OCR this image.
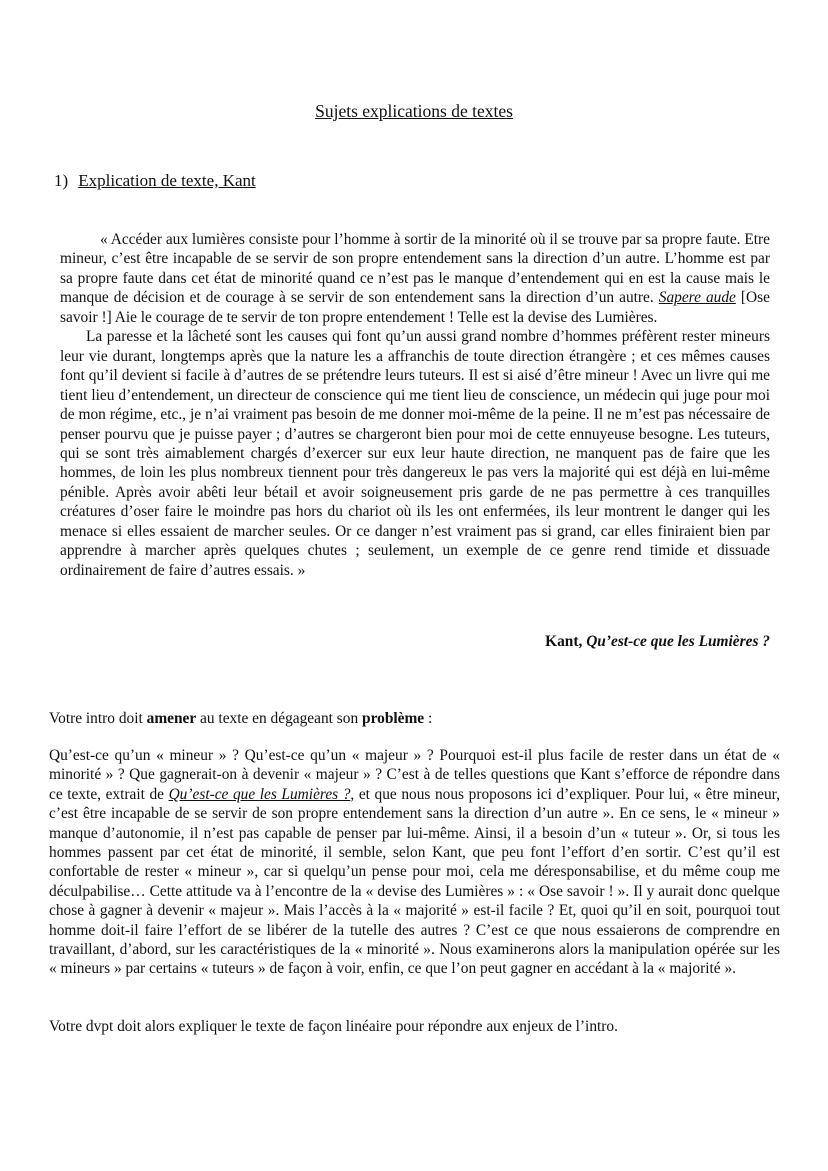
Sujets explications de textes
1) Explication de texte, Kant

« Accéder aux lumières consiste pour l’homme à sortir de la minorité où il se trouve par sa propre faute. Etre mineur, c’est être incapable de se servir de son propre entendement sans la direction d’un autre. L’homme est par sa propre faute dans cet état de minorité quand ce n’est pas le manque d’entendement qui en est la cause mais le manque de décision et de courage à se servir de son entendement sans la direction d’un autre. Sapere aude [Ose savoir !] Aie le courage de te servir de ton propre entendement ! Telle est la devise des Lumières.

La paresse et la lâcheté sont les causes qui font qu’un aussi grand nombre d’hommes préfèrent rester mineurs leur vie durant, longtemps après que la nature les a affranchis de toute direction étrangère ; et ces mêmes causes font qu’il devient si facile à d’autres de se prétendre leurs tuteurs. Il est si aisé d’être mineur ! Avec un livre qui me tient lieu d’entendement, un directeur de conscience qui me tient lieu de conscience, un médecin qui juge pour moi de mon régime, etc., je n’ai vraiment pas besoin de me donner moi-même de la peine. Il ne m’est pas nécessaire de penser pourvu que je puisse payer ; d’autres se chargeront bien pour moi de cette ennuyeuse besogne. Les tuteurs, qui se sont très aimablement chargés d’exercer sur eux leur haute direction, ne manquent pas de faire que les hommes, de loin les plus nombreux tiennent pour très dangereux le pas vers la majorité qui est déjà en lui-même pénible. Après avoir abêti leur bétail et avoir soigneusement pris garde de ne pas permettre à ces tranquilles créatures d’oser faire le moindre pas hors du chariot où ils les ont enfermées, ils leur montrent le danger qui les menace si elles essaient de marcher seules. Or ce danger n’est vraiment pas si grand, car elles finiraient bien par apprendre à marcher après quelques chutes ; seulement, un exemple de ce genre rend timide et dissuade ordinairement de faire d’autres essais. »

Kant, Qu’est-ce que les Lumières ?

Votre intro doit amener au texte en dégageant son problème :

Qu’est-ce qu’un « mineur » ? Qu’est-ce qu’un « majeur » ? Pourquoi est-il plus facile de rester dans un état de « minorité » ? Que gagnerait-on à devenir « majeur » ? C’est à de telles questions que Kant s’efforce de répondre dans ce texte, extrait de Qu’est-ce que les Lumières ?, et que nous nous proposons ici d’expliquer. Pour lui, « être mineur, c’est être incapable de se servir de son propre entendement sans la direction d’un autre ». En ce sens, le « mineur » manque d’autonomie, il n’est pas capable de penser par lui-même. Ainsi, il a besoin d’un « tuteur ». Or, si tous les hommes passent par cet état de minorité, il semble, selon Kant, que peu font l’effort d’en sortir. C’est qu’il est confortable de rester « mineur », car si quelqu’un pense pour moi, cela me déresponsabilise, et du même coup me déculpabilise… Cette attitude va à l’encontre de la « devise des Lumières » : « Ose savoir ! ». Il y aurait donc quelque chose à gagner à devenir « majeur ». Mais l’accès à la « majorité » est-il facile ? Et, quoi qu’il en soit, pourquoi tout homme doit-il faire l’effort de se libérer de la tutelle des autres ? C’est ce que nous essaierons de comprendre en travaillant, d’abord, sur les caractéristiques de la « minorité ». Nous examinerons alors la manipulation opérée sur les « mineurs » par certains « tuteurs » de façon à voir, enfin, ce que l’on peut gagner en accédant à la « majorité ».

Votre dvpt doit alors expliquer le texte de façon linéaire pour répondre aux enjeux de l’intro.
